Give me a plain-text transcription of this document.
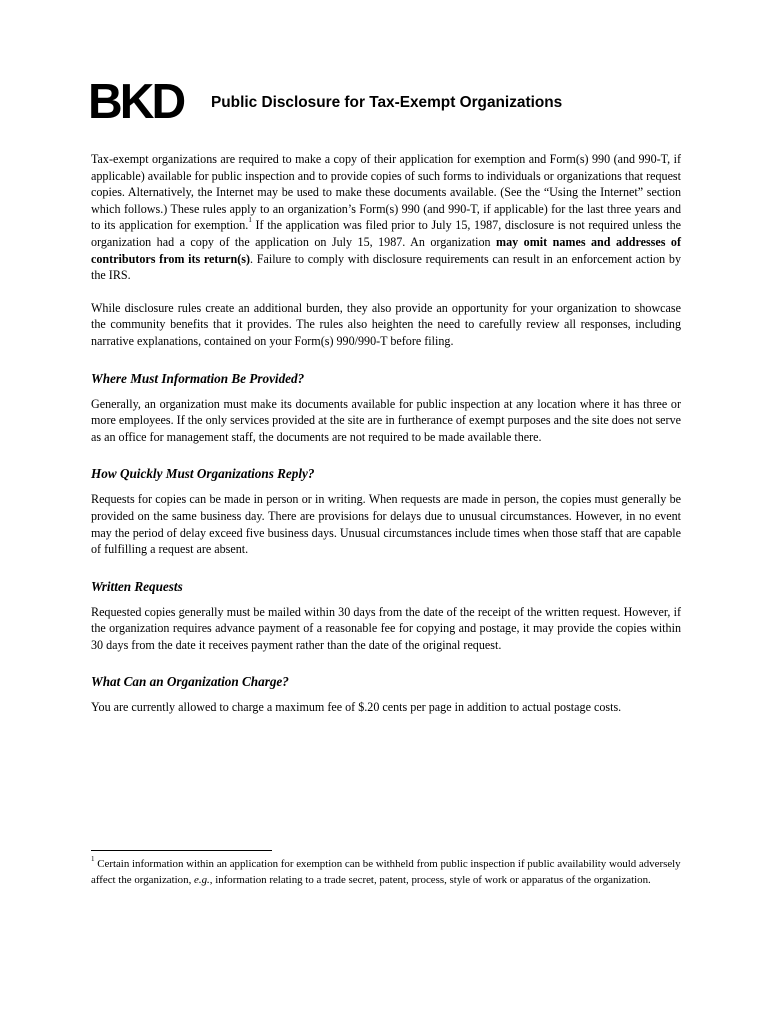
BKD Public Disclosure for Tax-Exempt Organizations

Tax-exempt organizations are required to make a copy of their application for exemption and Form(s) 990 (and 990-T, if applicable) available for public inspection and to provide copies of such forms to individuals or organizations that request copies. Alternatively, the Internet may be used to make these documents available. (See the “Using the Internet” section which follows.) These rules apply to an organization’s Form(s) 990 (and 990-T, if applicable) for the last three years and to its application for exemption.$^1$ If the application was filed prior to July 15, 1987, disclosure is not required unless the organization had a copy of the application on July 15, 1987. An organization may omit names and addresses of contributors from its return(s). Failure to comply with disclosure requirements can result in an enforcement action by the IRS.

While disclosure rules create an additional burden, they also provide an opportunity for your organization to showcase the community benefits that it provides. The rules also heighten the need to carefully review all responses, including narrative explanations, contained on your Form(s) 990/990-T before filing.

Where Must Information Be Provided?

Generally, an organization must make its documents available for public inspection at any location where it has three or more employees. If the only services provided at the site are in furtherance of exempt purposes and the site does not serve as an office for management staff, the documents are not required to be made available there.

How Quickly Must Organizations Reply?

Requests for copies can be made in person or in writing. When requests are made in person, the copies must generally be provided on the same business day. There are provisions for delays due to unusual circumstances. However, in no event may the period of delay exceed five business days. Unusual circumstances include times when those staff that are capable of fulfilling a request are absent.

Written Requests

Requested copies generally must be mailed within 30 days from the date of the receipt of the written request. However, if the organization requires advance payment of a reasonable fee for copying and postage, it may provide the copies within 30 days from the date it receives payment rather than the date of the original request.

What Can an Organization Charge?

You are currently allowed to charge a maximum fee of $.20 cents per page in addition to actual postage costs.

$^1$ Certain information within an application for exemption can be withheld from public inspection if public availability would adversely affect the organization, e.g., information relating to a trade secret, patent, process, style of work or apparatus of the organization.
